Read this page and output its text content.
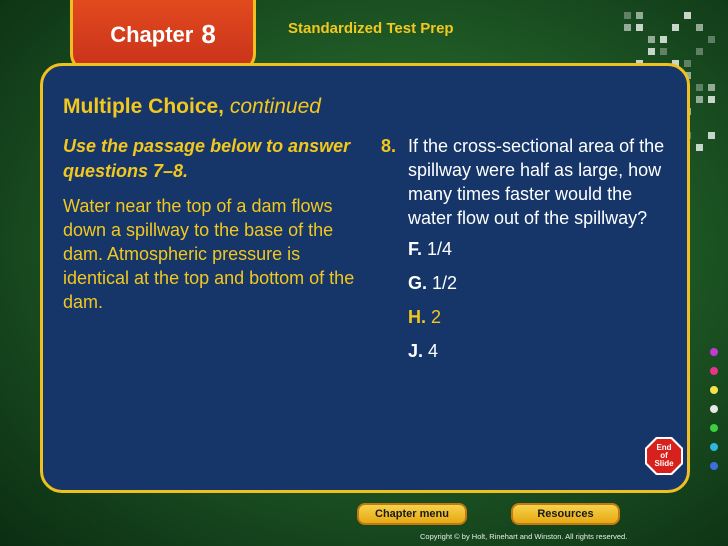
Chapter 8	Standardized Test Prep
Multiple Choice, continued
Use the passage below to answer questions 7–8.
Water near the top of a dam flows down a spillway to the base of the dam. Atmospheric pressure is identical at the top and bottom of the dam.
8. If the cross-sectional area of the spillway were half as large, how many times faster would the water flow out of the spillway?
F. 1/4
G. 1/2
H. 2
J. 4
End
of
Slide
Chapter menu	Resources
Copyright © by Holt, Rinehart and Winston. All rights reserved.
